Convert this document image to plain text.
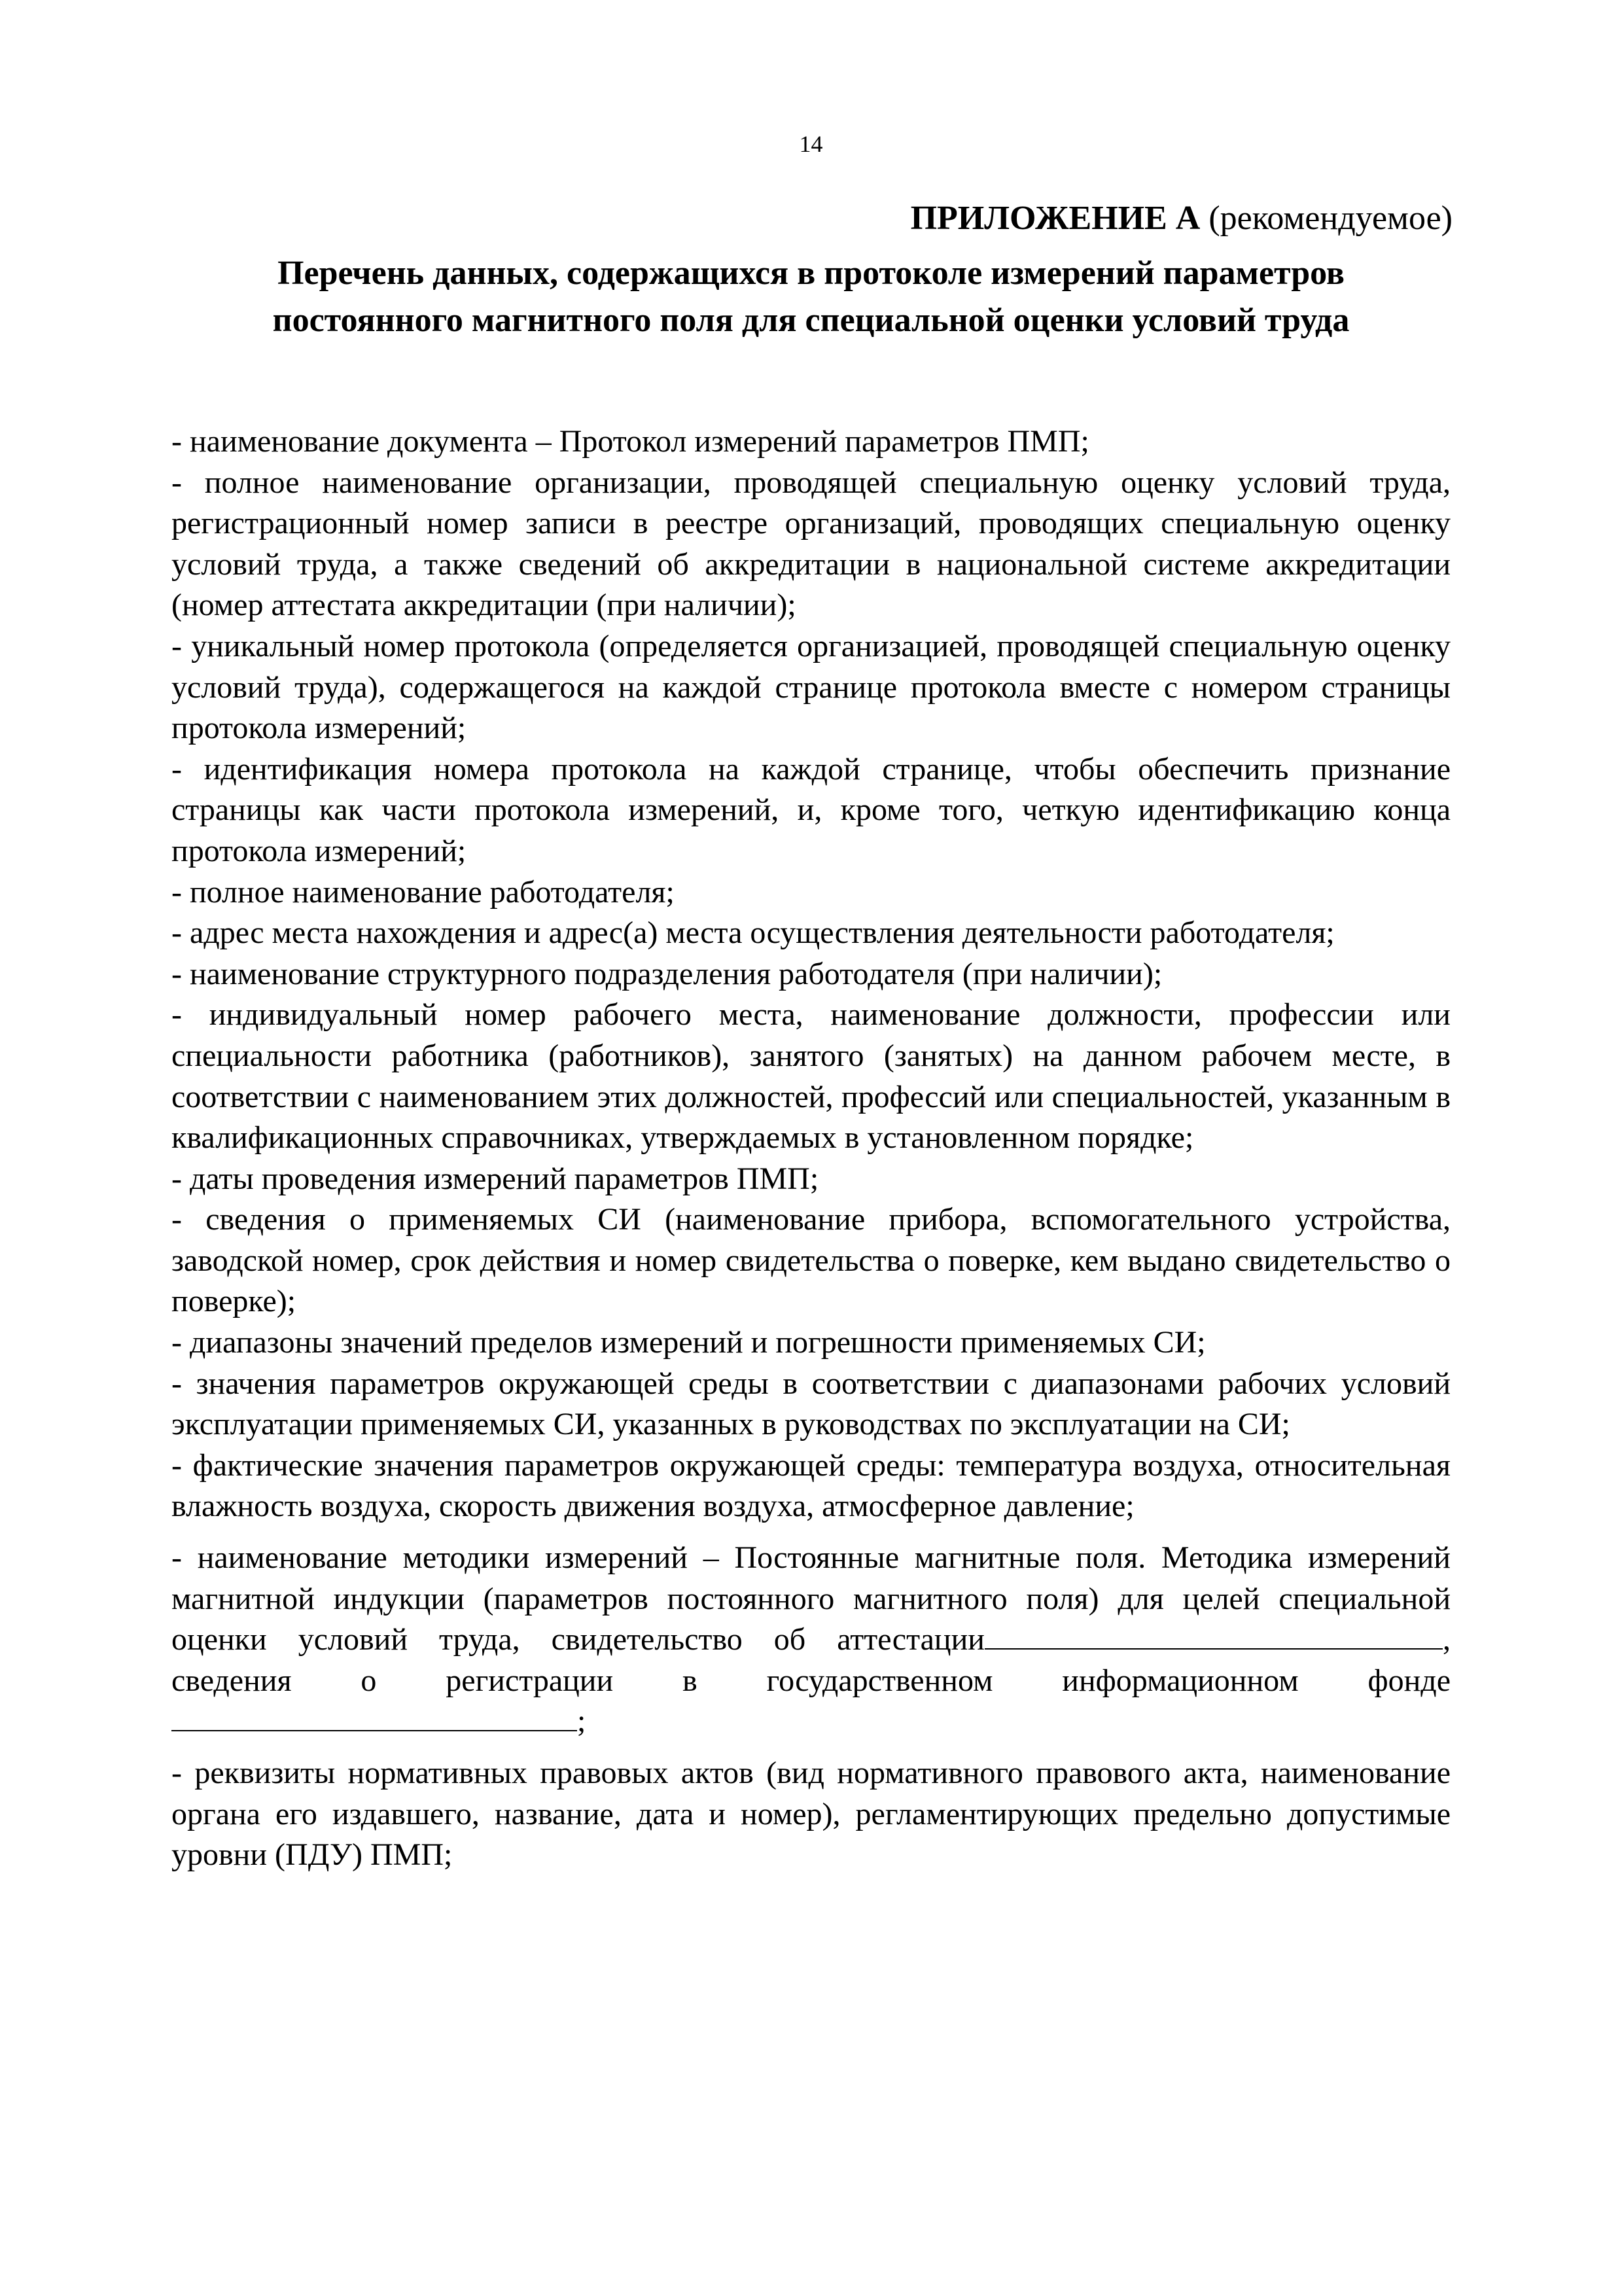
14
ПРИЛОЖЕНИЕ А (рекомендуемое)
Перечень данных, содержащихся в протоколе измерений параметров
постоянного магнитного поля для специальной оценки условий труда

- наименование документа – Протокол измерений параметров ПМП;

- полное наименование организации, проводящей специальную оценку условий труда, регистрационный номер записи в реестре организаций, проводящих специальную оценку условий труда, а также сведений об аккредитации в национальной системе аккредитации (номер аттестата аккредитации (при наличии);

- уникальный номер протокола (определяется организацией, проводящей специальную оценку условий труда), содержащегося на каждой странице протокола вместе с номером страницы протокола измерений;

- идентификация номера протокола на каждой странице, чтобы обеспечить признание страницы как части протокола измерений, и, кроме того, четкую идентификацию конца протокола измерений;

- полное наименование работодателя;

- адрес места нахождения и адрес(а) места осуществления деятельности работодателя;

- наименование структурного подразделения работодателя (при наличии);

- индивидуальный номер рабочего места, наименование должности, профессии или специальности работника (работников), занятого (занятых) на данном рабочем месте, в соответствии с наименованием этих должностей, профессий или специальностей, указанным в квалификационных справочниках, утверждаемых в установленном порядке;

- даты проведения измерений параметров ПМП;

- сведения о применяемых СИ (наименование прибора, вспомогательного устройства, заводской номер, срок действия и номер свидетельства о поверке, кем выдано свидетельство о поверке);

- диапазоны значений пределов измерений и погрешности применяемых СИ;

- значения параметров окружающей среды в соответствии с диапазонами рабочих условий эксплуатации применяемых СИ, указанных в руководствах по эксплуатации на СИ;

- фактические значения параметров окружающей среды: температура воздуха, относительная влажность воздуха, скорость движения воздуха, атмосферное давление;

- наименование методики измерений – Постоянные магнитные поля. Методика измерений магнитной индукции (параметров постоянного магнитного поля) для целей специальной оценки условий труда, свидетельство об аттестации	, сведения о регистрации в государственном информационном фонде;

- реквизиты нормативных правовых актов (вид нормативного правового акта, наименование органа его издавшего, название, дата и номер), регламентирующих предельно допустимые уровни (ПДУ) ПМП;
